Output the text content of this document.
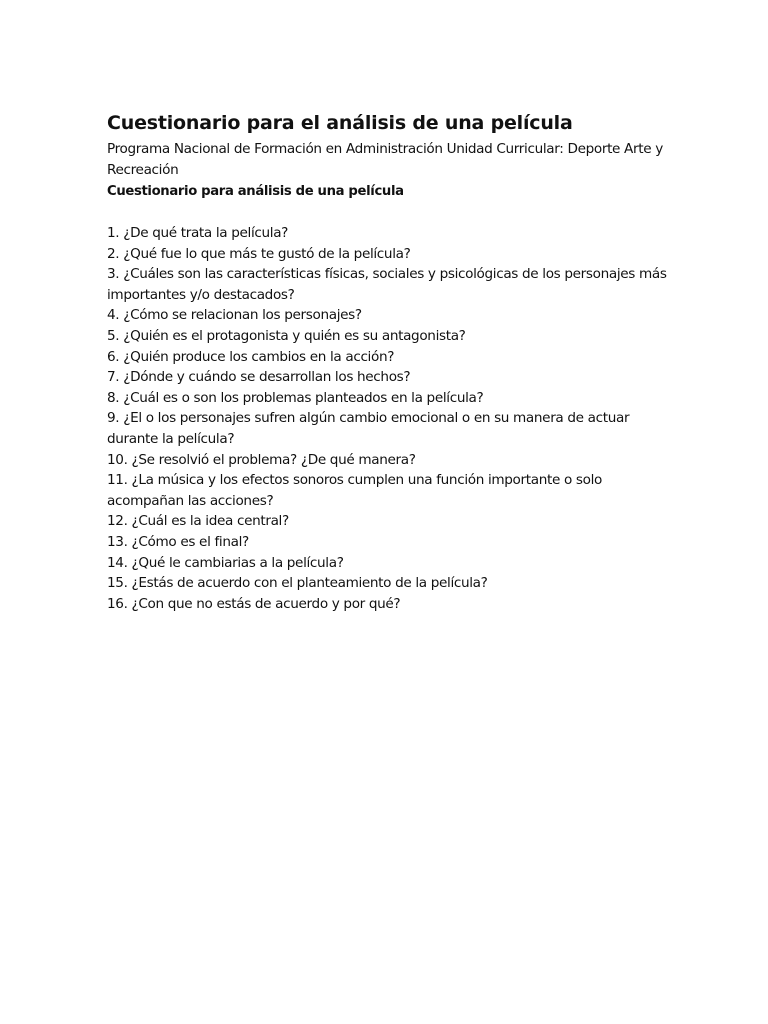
Cuestionario para el análisis de una película

Programa Nacional de Formación en Administración Unidad Curricular: Deporte Arte y Recreación

Cuestionario para análisis de una película

1. ¿De qué trata la película?
2. ¿Qué fue lo que más te gustó de la película?
3. ¿Cuáles son las características físicas, sociales y psicológicas de los personajes más importantes y/o destacados?
4. ¿Cómo se relacionan los personajes?
5. ¿Quién es el protagonista y quién es su antagonista?
6. ¿Quién produce los cambios en la acción?
7. ¿Dónde y cuándo se desarrollan los hechos?
8. ¿Cuál es o son los problemas planteados en la película?
9. ¿El o los personajes sufren algún cambio emocional o en su manera de actuar durante la película?
10. ¿Se resolvió el problema? ¿De qué manera?
11. ¿La música y los efectos sonoros cumplen una función importante o solo acompañan las acciones?
12. ¿Cuál es la idea central?
13. ¿Cómo es el final?
14. ¿Qué le cambiarias a la película?
15. ¿Estás de acuerdo con el planteamiento de la película?
16. ¿Con que no estás de acuerdo y por qué?
